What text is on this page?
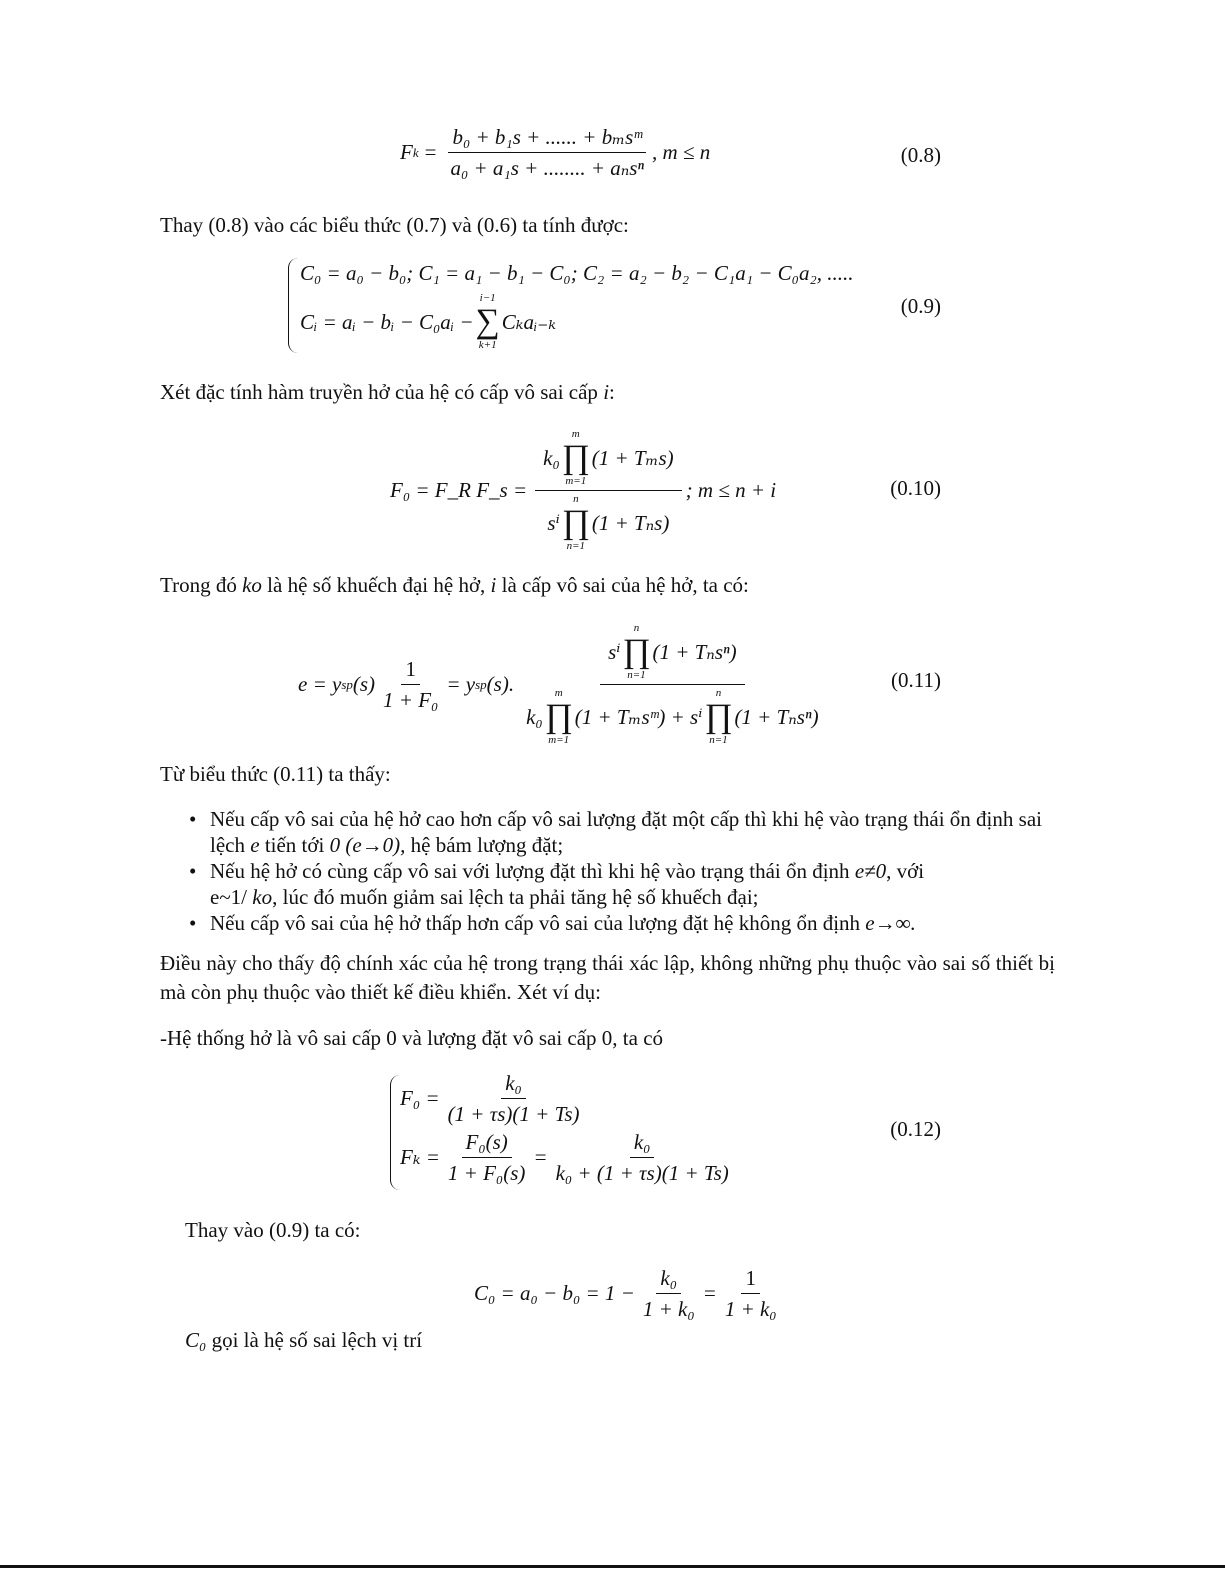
F $k = \frac{\text{b₀ + b₁s + ...... + bₘsᵐ}}{\text{a₀ + a₁s + ........ + aₙsⁿ}}$ , m ≤ n	(0.8)
Thay (0.8) vào các biểu thức (0.7) và (0.6) ta tính được:
C₀ = a₀ − b₀; C₁ = a₁ − b₁ − C₀; C₂ = a₂ − b₂ − C₁a₁ − C₀a₂, .....
Cᵢ = aᵢ − bᵢ − C₀aᵢ −
i−1
∑
k+1
Cₖaᵢ₋ₖ
(0.9)
Xét đặc tính hàm truyền hở của hệ có cấp vô sai cấp i:
F₀ = F_R F_s = k₀
m
∏
m=1
(1 + Tₘs)
sⁱ
n
∏
n=1
(1 + Tₙs) ; m ≤ n + i	(0.10)
Trong đó ko là hệ số khuếch đại hệ hở, i là cấp vô sai của hệ hở, ta có:
e = y sp $(s) \frac{1}{\text{1 + F₀}} = y$ sp (s).
sⁱ
n
∏
n=1
(1 + Tₙsⁿ)
k₀
m
∏
m=1
(1 + Tₘsᵐ) + sⁱ
n
∏
n=1
(1 + Tₙsⁿ)
(0.11)
Từ biểu thức (0.11) ta thấy:
• Nếu cấp vô sai của hệ hở cao hơn cấp vô sai lượng đặt một cấp thì khi hệ vào trạng thái ổn định sai lệch e tiến tới 0 (e→0), hệ bám lượng đặt;
• Nếu hệ hở có cùng cấp vô sai với lượng đặt thì khi hệ vào trạng thái ổn định e≠0, với
e~1/ ko, lúc đó muốn giảm sai lệch ta phải tăng hệ số khuếch đại;
• Nếu cấp vô sai của hệ hở thấp hơn cấp vô sai của lượng đặt hệ không ổn định e→∞.
Điều này cho thấy độ chính xác của hệ trong trạng thái xác lập, không những phụ thuộc vào sai số thiết bị mà còn phụ thuộc vào thiết kế điều khiển. Xét ví dụ:
-Hệ thống hở là vô sai cấp 0 và lượng đặt vô sai cấp 0, ta có
$F_0 = \frac{\text{k₀}}{(1 + \tau s)(1 + Ts)}$
$F_k = \frac{\text{F₀(s)}}{\text{1 + F₀(s)}} = \frac{\text{k₀}}{\text{k₀ + (1 + τs)(1 + Ts)}}$	(0.12)
Thay vào (0.9) ta có:
$C_0 = a_0 - b_0 = 1 - \frac{\text{k₀}}{\text{1 + k₀}} = \frac{1}{\text{1 + k₀}}$
C₀ gọi là hệ số sai lệch vị trí
